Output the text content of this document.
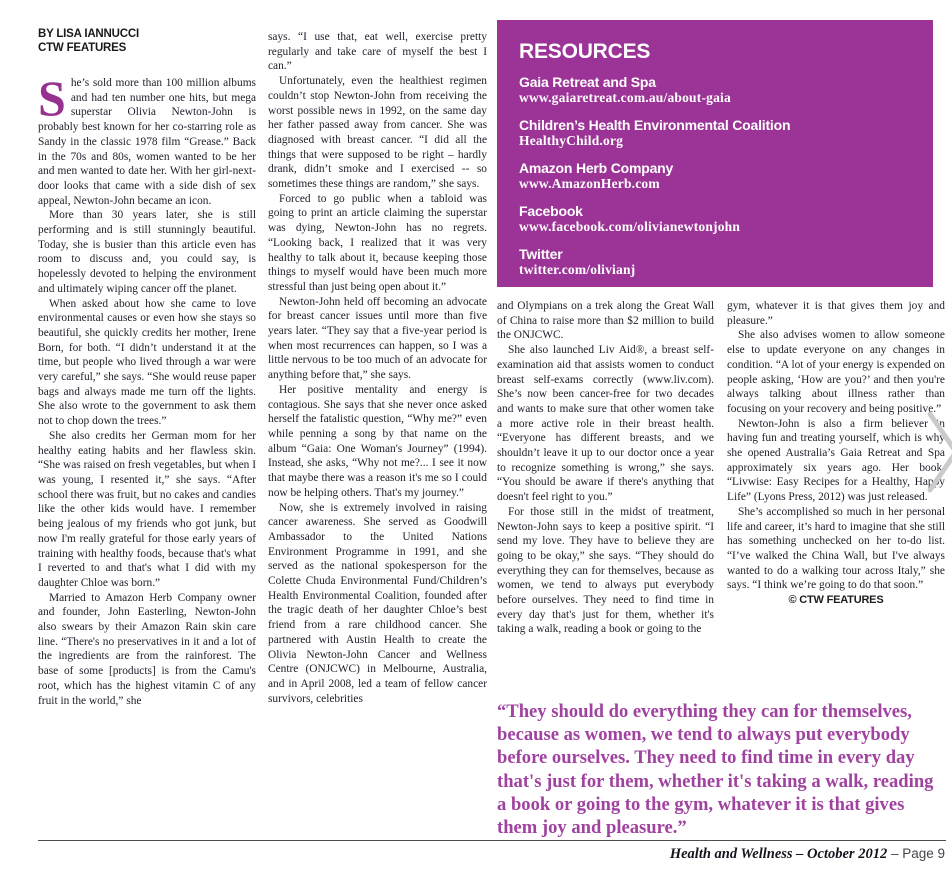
BY LISA IANNUCCI
CTW FEATURES

She’s sold more than 100 million albums and had ten number one hits, but mega superstar Olivia Newton-John is probably best known for her co-starring role as Sandy in the classic 1978 film “Grease.” Back in the 70s and 80s, women wanted to be her and men wanted to date her. With her girl-next-door looks that came with a side dish of sex appeal, Newton-John became an icon.

More than 30 years later, she is still performing and is still stunningly beautiful. Today, she is busier than this article even has room to discuss and, you could say, is hopelessly devoted to helping the environment and ultimately wiping cancer off the planet.

When asked about how she came to love environmental causes or even how she stays so beautiful, she quickly credits her mother, Irene Born, for both. “I didn’t understand it at the time, but people who lived through a war were very careful,” she says. “She would reuse paper bags and always made me turn off the lights. She also wrote to the government to ask them not to chop down the trees.”

She also credits her German mom for her healthy eating habits and her flawless skin. “She was raised on fresh vegetables, but when I was young, I resented it,” she says. “After school there was fruit, but no cakes and candies like the other kids would have. I remember being jealous of my friends who got junk, but now I'm really grateful for those early years of training with healthy foods, because that's what I reverted to and that's what I did with my daughter Chloe was born.”

Married to Amazon Herb Company owner and founder, John Easterling, Newton-John also swears by their Amazon Rain skin care line. “There's no preservatives in it and a lot of the ingredients are from the rainforest. The base of some [products] is from the Camu's root, which has the highest vitamin C of any fruit in the world,” she

says. “I use that, eat well, exercise pretty regularly and take care of myself the best I can.”

Unfortunately, even the healthiest regimen couldn’t stop Newton-John from receiving the worst possible news in 1992, on the same day her father passed away from cancer. She was diagnosed with breast cancer. “I did all the things that were supposed to be right – hardly drank, didn’t smoke and I exercised -- so sometimes these things are random,” she says.

Forced to go public when a tabloid was going to print an article claiming the superstar was dying, Newton-John has no regrets. “Looking back, I realized that it was very healthy to talk about it, because keeping those things to myself would have been much more stressful than just being open about it.”

Newton-John held off becoming an advocate for breast cancer issues until more than five years later. “They say that a five-year period is when most recurrences can happen, so I was a little nervous to be too much of an advocate for anything before that,” she says.

Her positive mentality and energy is contagious. She says that she never once asked herself the fatalistic question, “Why me?” even while penning a song by that name on the album “Gaia: One Woman's Journey” (1994). Instead, she asks, “Why not me?... I see it now that maybe there was a reason it's me so I could now be helping others. That's my journey.”

Now, she is extremely involved in raising cancer awareness. She served as Goodwill Ambassador to the United Nations Environment Programme in 1991, and she served as the national spokesperson for the Colette Chuda Environmental Fund/Children’s Health Environmental Coalition, founded after the tragic death of her daughter Chloe’s best friend from a rare childhood cancer. She partnered with Austin Health to create the Olivia Newton-John Cancer and Wellness Centre (ONJCWC) in Melbourne, Australia, and in April 2008, led a team of fellow cancer survivors, celebrities

RESOURCES
Gaia Retreat and Spa
www.gaiaretreat.com.au/about-gaia
Children’s Health Environmental Coalition
HealthyChild.org
Amazon Herb Company
www.AmazonHerb.com
Facebook
www.facebook.com/olivianewtonjohn
Twitter
twitter.com/olivianj

and Olympians on a trek along the Great Wall of China to raise more than $2 million to build the ONJCWC.

She also launched Liv Aid®, a breast self-examination aid that assists women to conduct breast self-exams correctly (www.liv.com). She’s now been cancer-free for two decades and wants to make sure that other women take a more active role in their breast health. “Everyone has different breasts, and we shouldn’t leave it up to our doctor once a year to recognize something is wrong,” she says. “You should be aware if there's anything that doesn't feel right to you.”

For those still in the midst of treatment, Newton-John says to keep a positive spirit. “I send my love. They have to believe they are going to be okay,” she says. “They should do everything they can for themselves, because as women, we tend to always put everybody before ourselves. They need to find time in every day that's just for them, whether it's taking a walk, reading a book or going to the

gym, whatever it is that gives them joy and pleasure.”

She also advises women to allow someone else to update everyone on any changes in condition. “A lot of your energy is expended on people asking, ‘How are you?’ and then you're always talking about illness rather than focusing on your recovery and being positive.”

Newton-John is also a firm believer in having fun and treating yourself, which is why she opened Australia’s Gaia Retreat and Spa approximately six years ago. Her book, “Livwise: Easy Recipes for a Healthy, Happy Life” (Lyons Press, 2012) was just released.

She’s accomplished so much in her personal life and career, it’s hard to imagine that she still has something unchecked on her to-do list. “I’ve walked the China Wall, but I've always wanted to do a walking tour across Italy,” she says. “I think we’re going to do that soon.”

© CTW FEATURES

“They should do everything they can for themselves, because as women, we tend to always put everybody before ourselves. They need to find time in every day that's just for them, whether it's taking a walk, reading a book or going to the gym, whatever it is that gives them joy and pleasure.”
Health and Wellness – October 2012 – Page 9
